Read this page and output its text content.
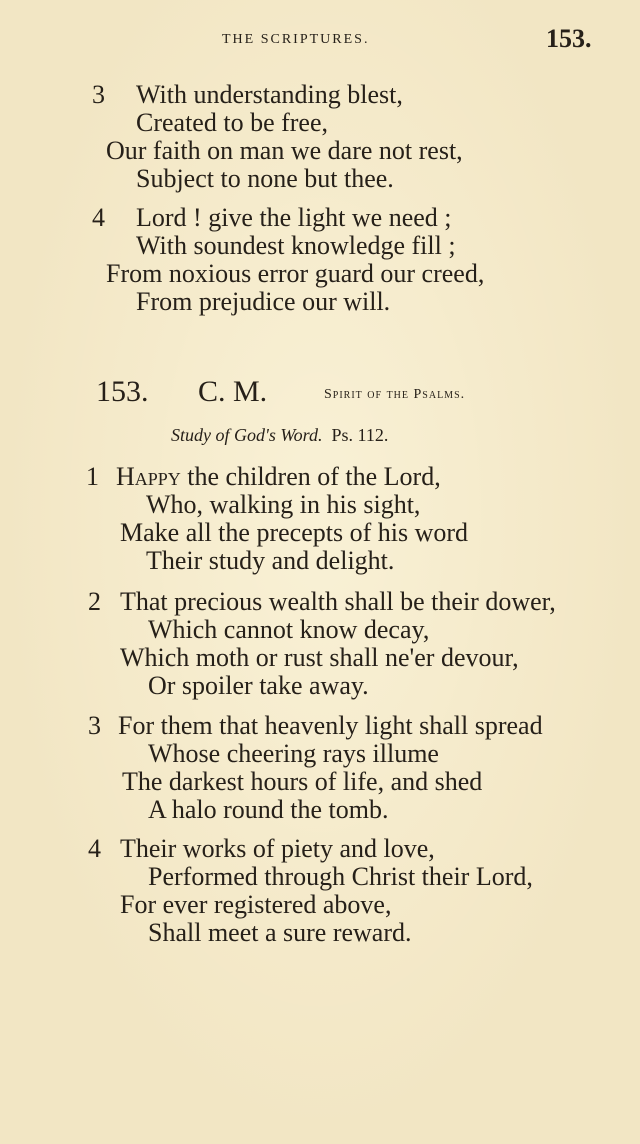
THE SCRIPTURES.	153.
3 With understanding blest,
Created to be free,
Our faith on man we dare not rest,
Subject to none but thee.
4 Lord ! give the light we need ;
With soundest knowledge fill ;
From noxious error guard our creed,
From prejudice our will.
153. C. M.	Spirit of the Psalms.
Study of God's Word. Ps. 112.
1 Happy the children of the Lord,
Who, walking in his sight,
Make all the precepts of his word
Their study and delight.
2 That precious wealth shall be their dower,
Which cannot know decay,
Which moth or rust shall ne'er devour,
Or spoiler take away.
3 For them that heavenly light shall spread
Whose cheering rays illume
The darkest hours of life, and shed
A halo round the tomb.
4 Their works of piety and love,
Performed through Christ their Lord,
For ever registered above,
Shall meet a sure reward.
